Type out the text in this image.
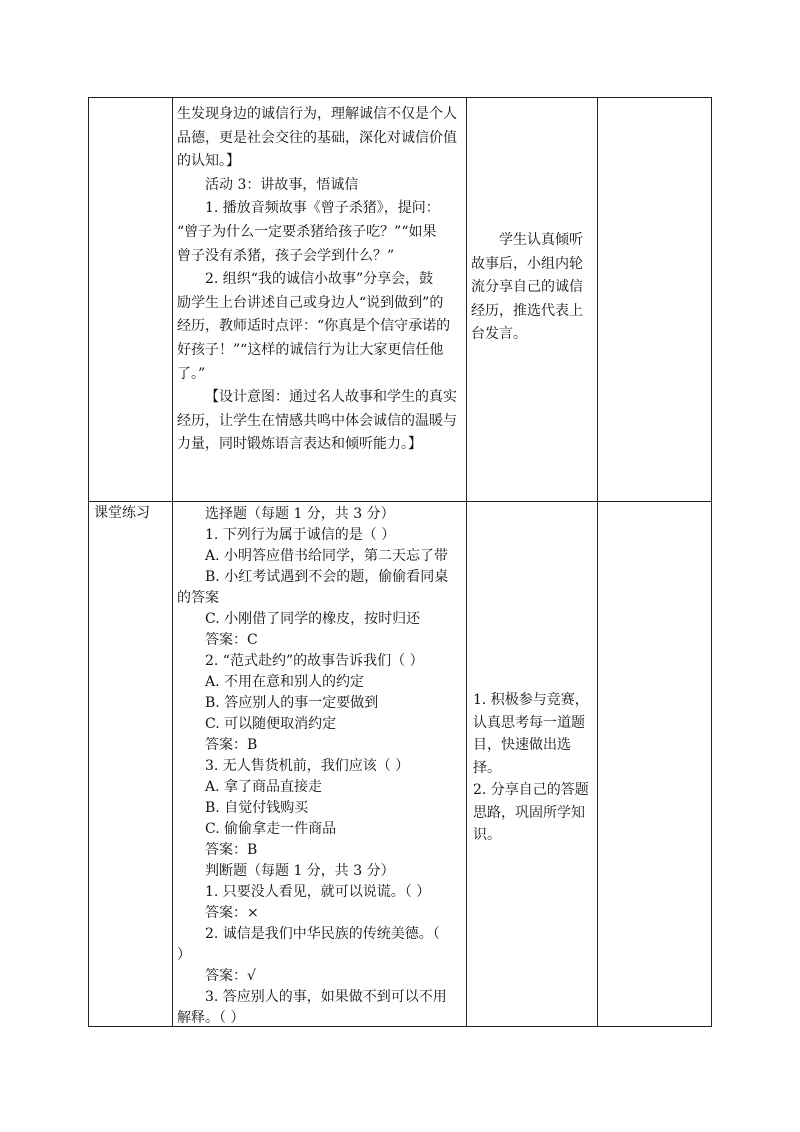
生发现身边的诚信行为，理解诚信不仅是个人
品德，更是社会交往的基础，深化对诚信价值
的认知。】
活动 3：讲故事，悟诚信
1. 播放音频故事《曾子杀猪》，提问：
“曾子为什么一定要杀猪给孩子吃？”“如果
曾子没有杀猪，孩子会学到什么？”
2. 组织“我的诚信小故事”分享会，鼓
励学生上台讲述自己或身边人“说到做到”的
经历，教师适时点评：“你真是个信守承诺的
好孩子！”“这样的诚信行为让大家更信任他
了。”
【设计意图：通过名人故事和学生的真实
经历，让学生在情感共鸣中体会诚信的温暖与
力量，同时锻炼语言表达和倾听能力。】
学生认真倾听
故事后，小组内轮
流分享自己的诚信
经历，推选代表上
台发言。
课堂练习	选择题（每题 1 分，共 3 分）
1. 下列行为属于诚信的是（ ）
A. 小明答应借书给同学，第二天忘了带
B. 小红考试遇到不会的题，偷偷看同桌
的答案
C. 小刚借了同学的橡皮，按时归还
答案：C
2. “范式赴约”的故事告诉我们（ ）
A. 不用在意和别人的约定
B. 答应别人的事一定要做到
C. 可以随便取消约定
答案：B
3. 无人售货机前，我们应该（ ）
A. 拿了商品直接走
B. 自觉付钱购买
C. 偷偷拿走一件商品
答案：B
判断题（每题 1 分，共 3 分）
1. 只要没人看见，就可以说谎。（ ）
答案：×
2. 诚信是我们中华民族的传统美德。（
）
答案：√
3. 答应别人的事，如果做不到可以不用
解释。（ ）
1. 积极参与竞赛，
认真思考每一道题
目，快速做出选
择。
2. 分享自己的答题
思路，巩固所学知
识。
